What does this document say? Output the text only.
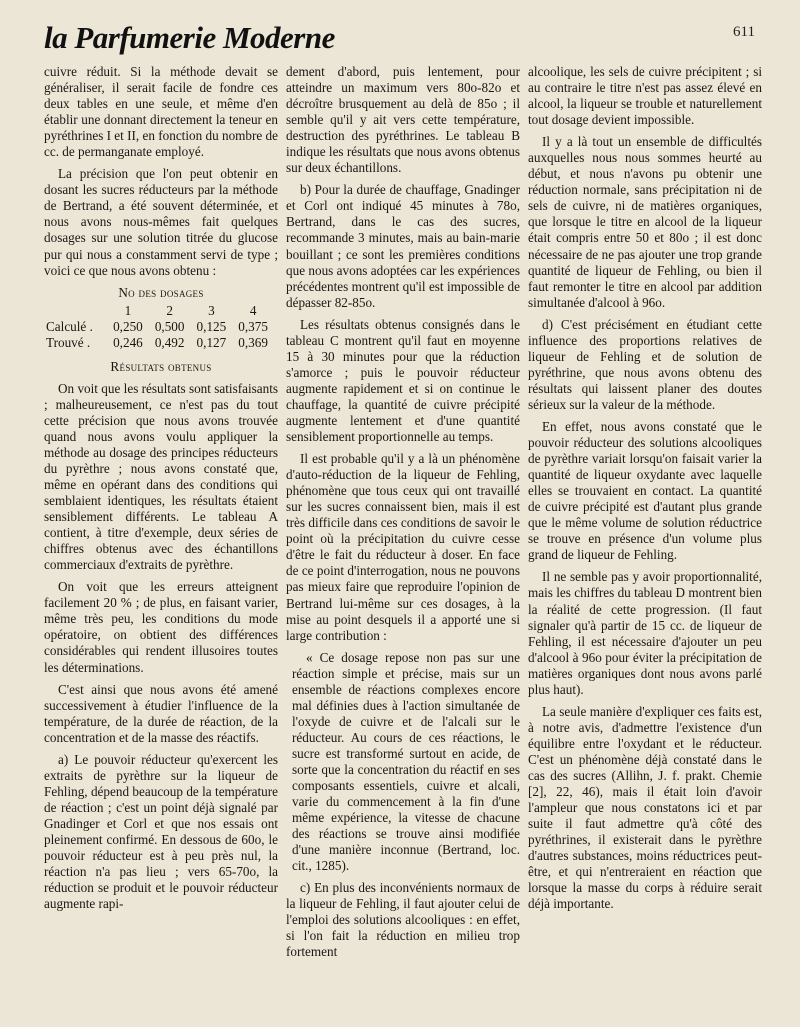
la Parfumerie Moderne	611

cuivre réduit. Si la méthode devait se généraliser, il serait facile de fondre ces deux tables en une seule, et même d'en établir une donnant directement la teneur en pyréthrines I et II, en fonction du nombre de cc. de permanganate employé.

La précision que l'on peut obtenir en dosant les sucres réducteurs par la méthode de Bertrand, a été souvent déterminée, et nous avons nous-mêmes fait quelques dosages sur une solution titrée du glucose pur qui nous a constamment servi de type ; voici ce que nous avons obtenu :

No des dosages
	1	2	3	4
Calculé .	0,250	0,500	0,125	0,375
Trouvé .	0,246	0,492	0,127	0,369
Résultats obtenus

On voit que les résultats sont satisfaisants ; malheureusement, ce n'est pas du tout cette précision que nous avons trouvée quand nous avons voulu appliquer la méthode au dosage des principes réducteurs du pyrèthre ; nous avons constaté que, même en opérant dans des conditions qui semblaient identiques, les résultats étaient sensiblement différents. Le tableau A contient, à titre d'exemple, deux séries de chiffres obtenus avec des échantillons commerciaux d'extraits de pyrèthre.

On voit que les erreurs atteignent facilement 20 % ; de plus, en faisant varier, même très peu, les conditions du mode opératoire, on obtient des différences considérables qui rendent illusoires toutes les déterminations.

C'est ainsi que nous avons été amené successivement à étudier l'influence de la température, de la durée de réaction, de la concentration et de la masse des réactifs.

a) Le pouvoir réducteur qu'exercent les extraits de pyrèthre sur la liqueur de Fehling, dépend beaucoup de la température de réaction ; c'est un point déjà signalé par Gnadinger et Corl et que nos essais ont pleinement confirmé. En dessous de 60o, le pouvoir réducteur est à peu près nul, la réaction n'a pas lieu ; vers 65-70o, la réduction se produit et le pouvoir réducteur augmente rapi-

dement d'abord, puis lentement, pour atteindre un maximum vers 80o-82o et décroître brusquement au delà de 85o ; il semble qu'il y ait vers cette température, destruction des pyréthrines. Le tableau B indique les résultats que nous avons obtenus sur deux échantillons.

b) Pour la durée de chauffage, Gnadinger et Corl ont indiqué 45 minutes à 78o, Bertrand, dans le cas des sucres, recommande 3 minutes, mais au bain-marie bouillant ; ce sont les premières conditions que nous avons adoptées car les expériences précédentes montrent qu'il est impossible de dépasser 82-85o.

Les résultats obtenus consignés dans le tableau C montrent qu'il faut en moyenne 15 à 30 minutes pour que la réduction s'amorce ; puis le pouvoir réducteur augmente rapidement et si on continue le chauffage, la quantité de cuivre précipité augmente lentement et d'une quantité sensiblement proportionnelle au temps.

Il est probable qu'il y a là un phénomène d'auto-réduction de la liqueur de Fehling, phénomène que tous ceux qui ont travaillé sur les sucres connaissent bien, mais il est très difficile dans ces conditions de savoir le point où la précipitation du cuivre cesse d'être le fait du réducteur à doser. En face de ce point d'interrogation, nous ne pouvons pas mieux faire que reproduire l'opinion de Bertrand lui-même sur ces dosages, à la mise au point desquels il a apporté une si large contribution :

« Ce dosage repose non pas sur une réaction simple et précise, mais sur un ensemble de réactions complexes encore mal définies dues à l'action simultanée de l'oxyde de cuivre et de l'alcali sur le réducteur. Au cours de ces réactions, le sucre est transformé surtout en acide, de sorte que la concentration du réactif en ses composants essentiels, cuivre et alcali, varie du commencement à la fin d'une même expérience, la vitesse de chacune des réactions se trouve ainsi modifiée d'une manière inconnue (Bertrand, loc. cit., 1285).

c) En plus des inconvénients normaux de la liqueur de Fehling, il faut ajouter celui de l'emploi des solutions alcooliques : en effet, si l'on fait la réduction en milieu trop fortement

alcoolique, les sels de cuivre précipitent ; si au contraire le titre n'est pas assez élevé en alcool, la liqueur se trouble et naturellement tout dosage devient impossible.

Il y a là tout un ensemble de difficultés auxquelles nous nous sommes heurté au début, et nous n'avons pu obtenir une réduction normale, sans précipitation ni de sels de cuivre, ni de matières organiques, que lorsque le titre en alcool de la liqueur était compris entre 50 et 80o ; il est donc nécessaire de ne pas ajouter une trop grande quantité de liqueur de Fehling, ou bien il faut remonter le titre en alcool par addition simultanée d'alcool à 96o.

d) C'est précisément en étudiant cette influence des proportions relatives de liqueur de Fehling et de solution de pyréthrine, que nous avons obtenu des résultats qui laissent planer des doutes sérieux sur la valeur de la méthode.

En effet, nous avons constaté que le pouvoir réducteur des solutions alcooliques de pyrèthre variait lorsqu'on faisait varier la quantité de liqueur oxydante avec laquelle elles se trouvaient en contact. La quantité de cuivre précipité est d'autant plus grande que le même volume de solution réductrice se trouve en présence d'un volume plus grand de liqueur de Fehling.

Il ne semble pas y avoir proportionnalité, mais les chiffres du tableau D montrent bien la réalité de cette progression. (Il faut signaler qu'à partir de 15 cc. de liqueur de Fehling, il est nécessaire d'ajouter un peu d'alcool à 96o pour éviter la précipitation de matières organiques dont nous avons parlé plus haut).

La seule manière d'expliquer ces faits est, à notre avis, d'admettre l'existence d'un équilibre entre l'oxydant et le réducteur. C'est un phénomène déjà constaté dans le cas des sucres (Allihn, J. f. prakt. Chemie [2], 22, 46), mais il était loin d'avoir l'ampleur que nous constatons ici et par suite il faut admettre qu'à côté des pyréthrines, il existerait dans le pyrèthre d'autres substances, moins réductrices peut-être, et qui n'entreraient en réaction que lorsque la masse du corps à réduire serait déjà importante.
